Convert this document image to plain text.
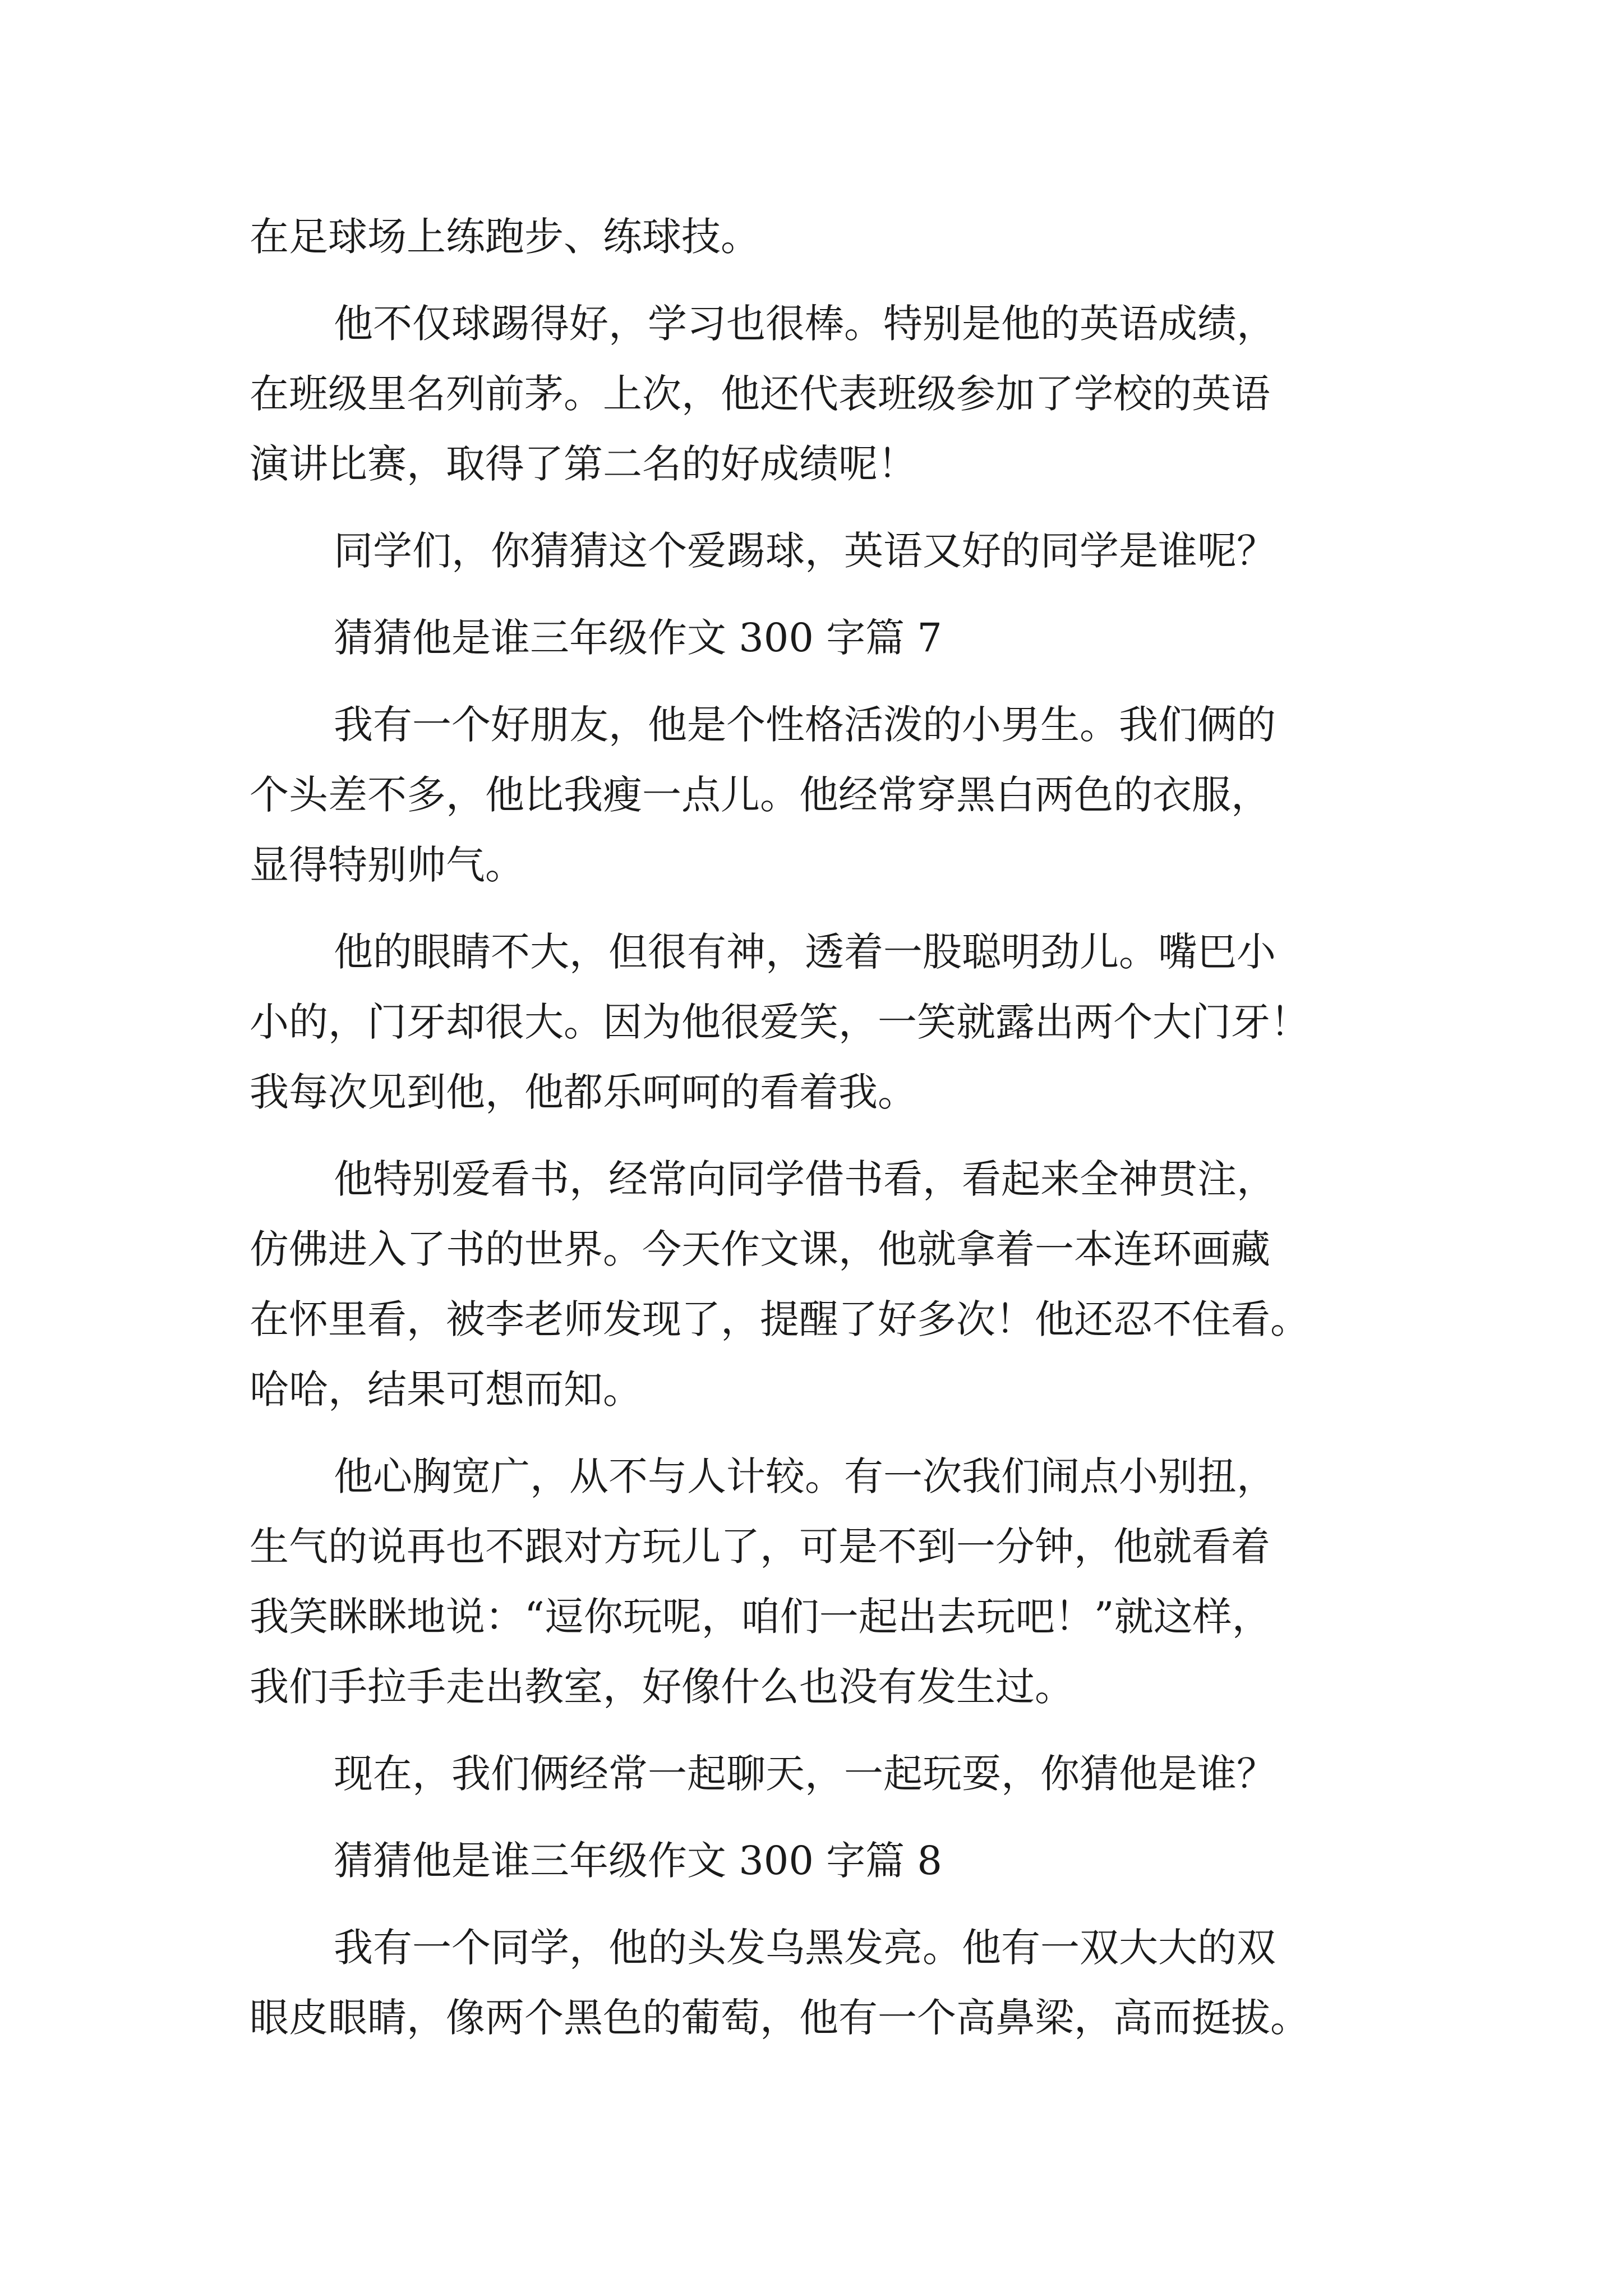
在足球场上练跑步、练球技。
他不仅球踢得好，学习也很棒。特别是他的英语成绩，
在班级里名列前茅。上次，他还代表班级参加了学校的英语
演讲比赛，取得了第二名的好成绩呢！
同学们，你猜猜这个爱踢球，英语又好的同学是谁呢？
猜猜他是谁三年级作文 300 字篇 7
我有一个好朋友，他是个性格活泼的小男生。我们俩的
个头差不多，他比我瘦一点儿。他经常穿黑白两色的衣服，
显得特别帅气。
他的眼睛不大，但很有神，透着一股聪明劲儿。嘴巴小
小的，门牙却很大。因为他很爱笑，一笑就露出两个大门牙！
我每次见到他，他都乐呵呵的看着我。
他特别爱看书，经常向同学借书看，看起来全神贯注，
仿佛进入了书的世界。今天作文课，他就拿着一本连环画藏
在怀里看，被李老师发现了，提醒了好多次！他还忍不住看。
哈哈，结果可想而知。
他心胸宽广，从不与人计较。有一次我们闹点小别扭，
生气的说再也不跟对方玩儿了，可是不到一分钟，他就看着
我笑眯眯地说：“逗你玩呢，咱们一起出去玩吧！”就这样，
我们手拉手走出教室，好像什么也没有发生过。
现在，我们俩经常一起聊天，一起玩耍，你猜他是谁？
猜猜他是谁三年级作文 300 字篇 8
我有一个同学，他的头发乌黑发亮。他有一双大大的双
眼皮眼睛，像两个黑色的葡萄，他有一个高鼻梁，高而挺拔。
